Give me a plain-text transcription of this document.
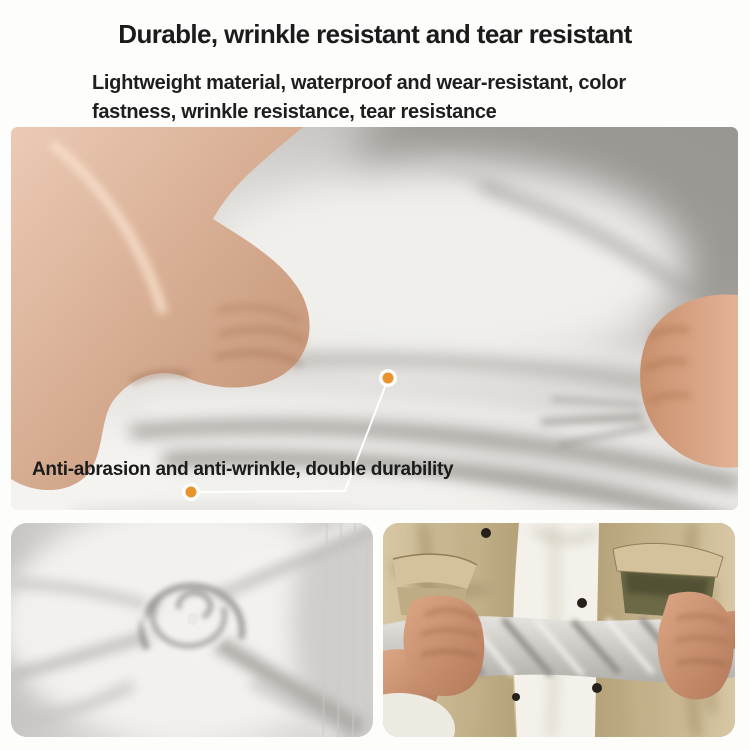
Durable, wrinkle resistant and tear resistant

Lightweight material, waterproof and wear-resistant, color
fastness, wrinkle resistance, tear resistance

Anti-abrasion and anti-wrinkle, double durability
